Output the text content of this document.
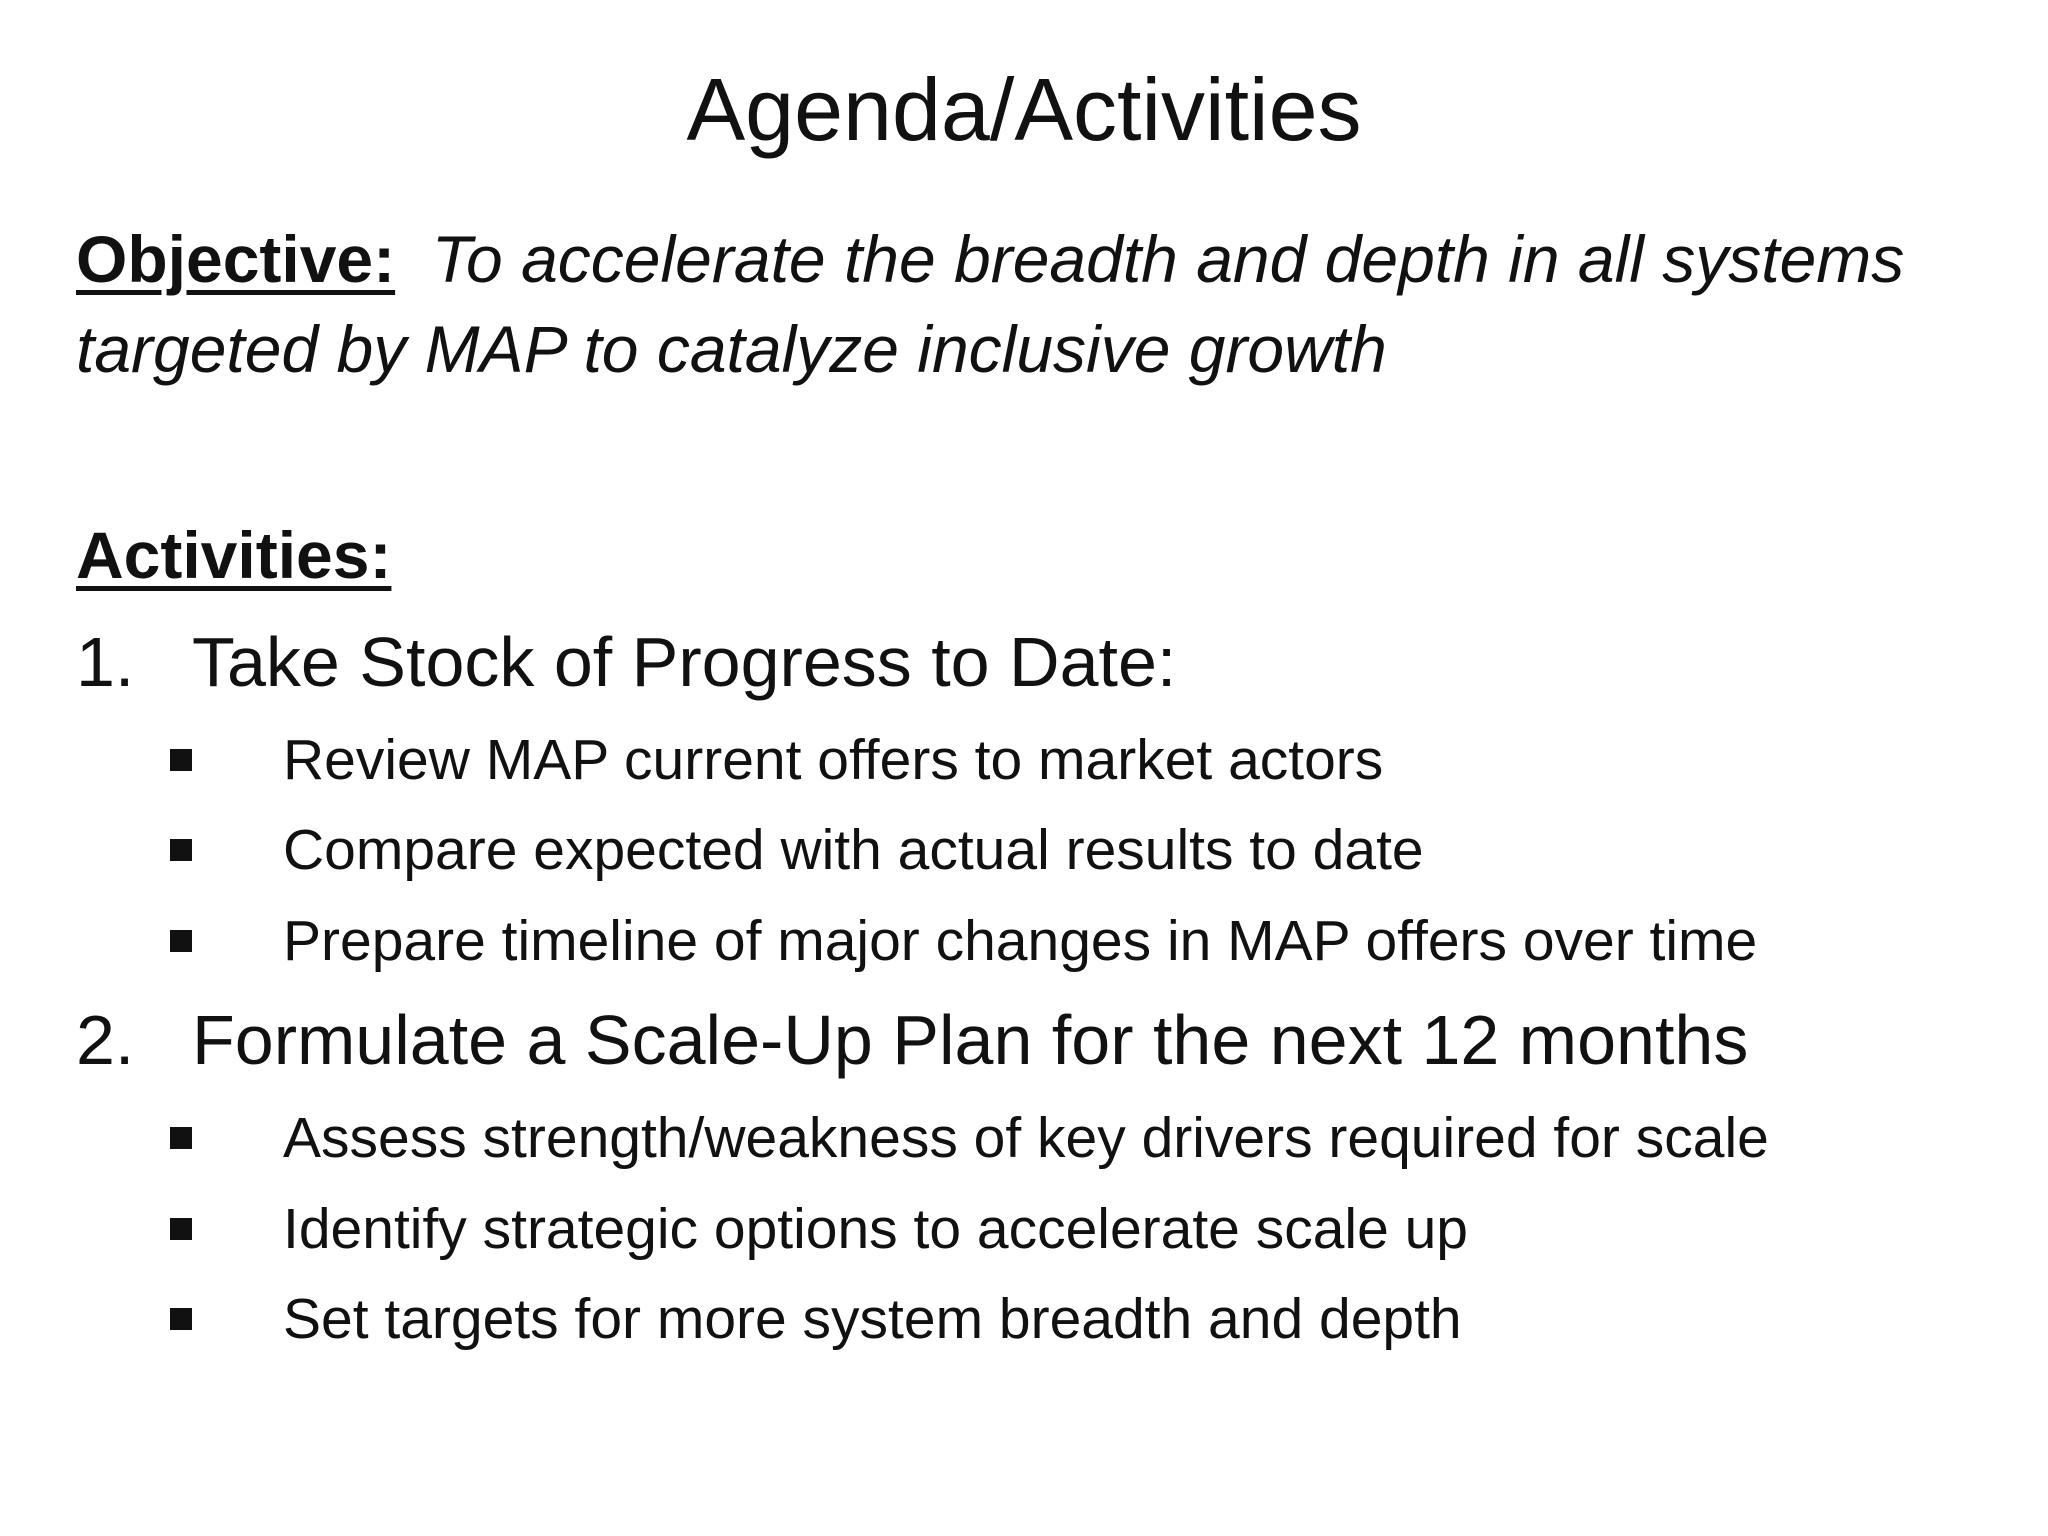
Agenda/Activities
Objective: To accelerate the breadth and depth in all systems targeted by MAP to catalyze inclusive growth
Activities:
1. Take Stock of Progress to Date:
Review MAP current offers to market actors
Compare expected with actual results to date
Prepare timeline of major changes in MAP offers over time
2. Formulate a Scale-Up Plan for the next 12 months
Assess strength/weakness of key drivers required for scale
Identify strategic options to accelerate scale up
Set targets for more system breadth and depth
